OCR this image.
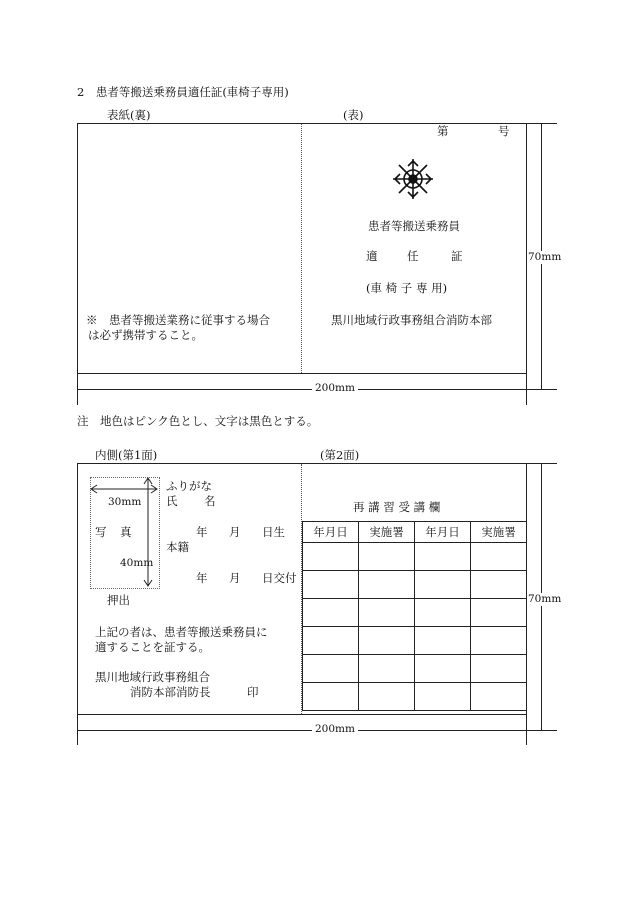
2　患者等搬送乗務員適任証(車椅子専用)
表紙(裏)	(表)
70mm
200mm
※　患者等搬送業務に従事する場合
は必ず携帯すること。
第	号
患者等搬送乗務員
適	任	証
(車 椅 子 専 用)
黒川地域行政事務組合消防本部
注　地色はピンク色とし、文字は黒色とする。
内側(第1面)	(第2面)
70mm
200mm
30mm
写 真
40mm
ふりがな
氏 名
年 月 日生
本籍
年 月 日交付
押出
上記の者は、患者等搬送乗務員に
適することを証する。
黒川地域行政事務組合
消防本部消防長	印
再 講 習 受 講 欄
年月日	実施署	年月日	実施署
